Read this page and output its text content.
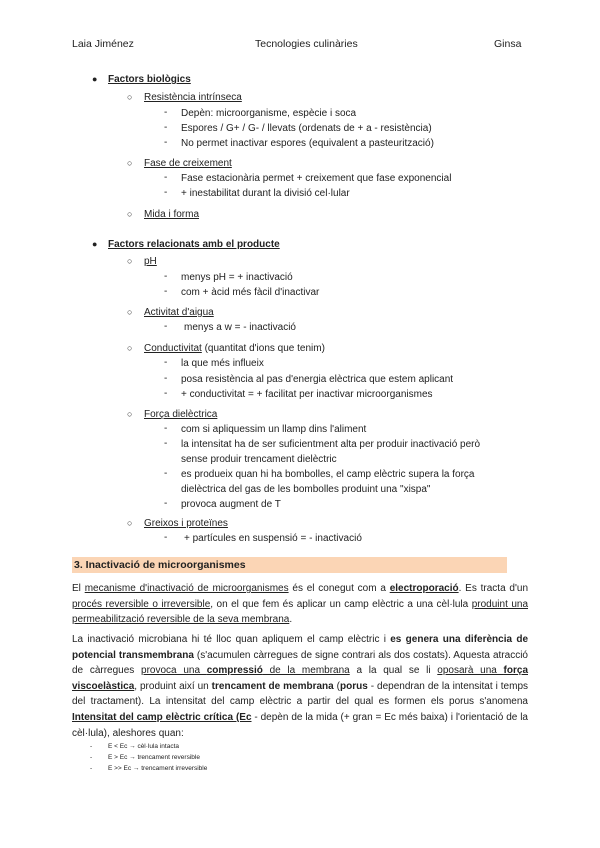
Laia Jiménez	Tecnologies culinàries	Ginsa
● Factors biològics
○ Resistència intrínseca
- Depèn: microorganisme, espècie i soca
- Espores / G+ / G- / llevats (ordenats de + a - resistència)
- No permet inactivar espores (equivalent a pasteurització)
○ Fase de creixement
- Fase estacionària permet + creixement que fase exponencial
- + inestabilitat durant la divisió cel·lular
○ Mida i forma
● Factors relacionats amb el producte
○ pH
- menys pH = + inactivació
- com + àcid més fàcil d'inactivar
○ Activitat d'aigua
- menys a w = - inactivació
○ Conductivitat (quantitat d'ions que tenim)
- la que més influeix
- posa resistència al pas d'energia elèctrica que estem aplicant
- + conductivitat = + facilitat per inactivar microorganismes
○ Força dielèctrica
- com si apliquessim un llamp dins l'aliment
- la intensitat ha de ser suficientment alta per produir inactivació però
sense produir trencament dielèctric
- es produeix quan hi ha bombolles, el camp elèctric supera la força
dielèctrica del gas de les bombolles produint una "xispa"
- provoca augment de T
○ Greixos i proteïnes
- + partícules en suspensió = - inactivació
3. Inactivació de microorganismes
El mecanisme d'inactivació de microorganismes és el conegut com a electroporació. Es tracta d'un procés reversible o irreversible, on el que fem és aplicar un camp elèctric a una cèl·lula produint una permeabilització reversible de la seva membrana.
La inactivació microbiana hi té lloc quan apliquem el camp elèctric i es genera una diferència de potencial transmembrana (s'acumulen càrregues de signe contrari als dos costats). Aquesta atracció de càrregues provoca una compressió de la membrana a la qual se li oposarà una força viscoelàstica, produint així un trencament de membrana (porus - dependran de la intensitat i temps del tractament). La intensitat del camp elèctric a partir del qual es formen els porus s'anomena Intensitat del camp elèctric crítica (Ec - depèn de la mida (+ gran = Ec més baixa) i l'orientació de la cèl·lula), aleshores quan:
- E < Ec → cèl·lula intacta
- E > Ec → trencament reversible
- E >> Ec → trencament irreversible
